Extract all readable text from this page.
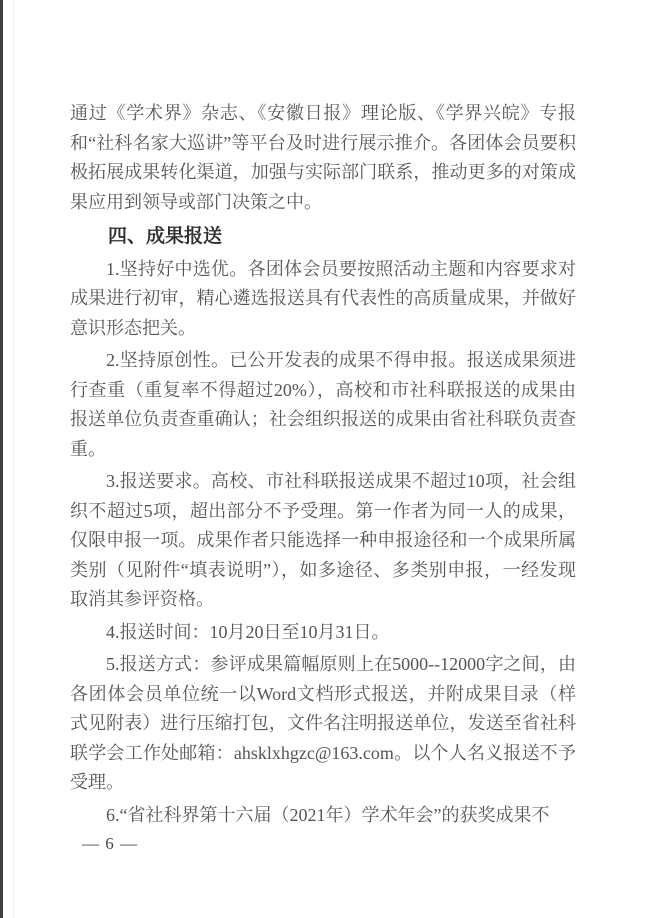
通过《学术界》杂志、《安徽日报》理论版、《学界兴皖》专报和“社科名家大巡讲”等平台及时进行展示推介。各团体会员要积极拓展成果转化渠道，加强与实际部门联系，推动更多的对策成果应用到领导或部门决策之中。

四、成果报送

1.坚持好中选优。各团体会员要按照活动主题和内容要求对成果进行初审，精心遴选报送具有代表性的高质量成果，并做好意识形态把关。

2.坚持原创性。已公开发表的成果不得申报。报送成果须进行查重（重复率不得超过20%），高校和市社科联报送的成果由报送单位负责查重确认；社会组织报送的成果由省社科联负责查重。

3.报送要求。高校、市社科联报送成果不超过10项，社会组织不超过5项，超出部分不予受理。第一作者为同一人的成果，仅限申报一项。成果作者只能选择一种申报途径和一个成果所属类别（见附件“填表说明”），如多途径、多类别申报，一经发现取消其参评资格。

4.报送时间：10月20日至10月31日。

5.报送方式：参评成果篇幅原则上在5000--12000字之间，由各团体会员单位统一以Word文档形式报送，并附成果目录（样式见附表）进行压缩打包，文件名注明报送单位，发送至省社科联学会工作处邮箱：ahsklxhgzc@163.com。以个人名义报送不予受理。

6.“省社科界第十六届（2021年）学术年会”的获奖成果不

— 6 —
